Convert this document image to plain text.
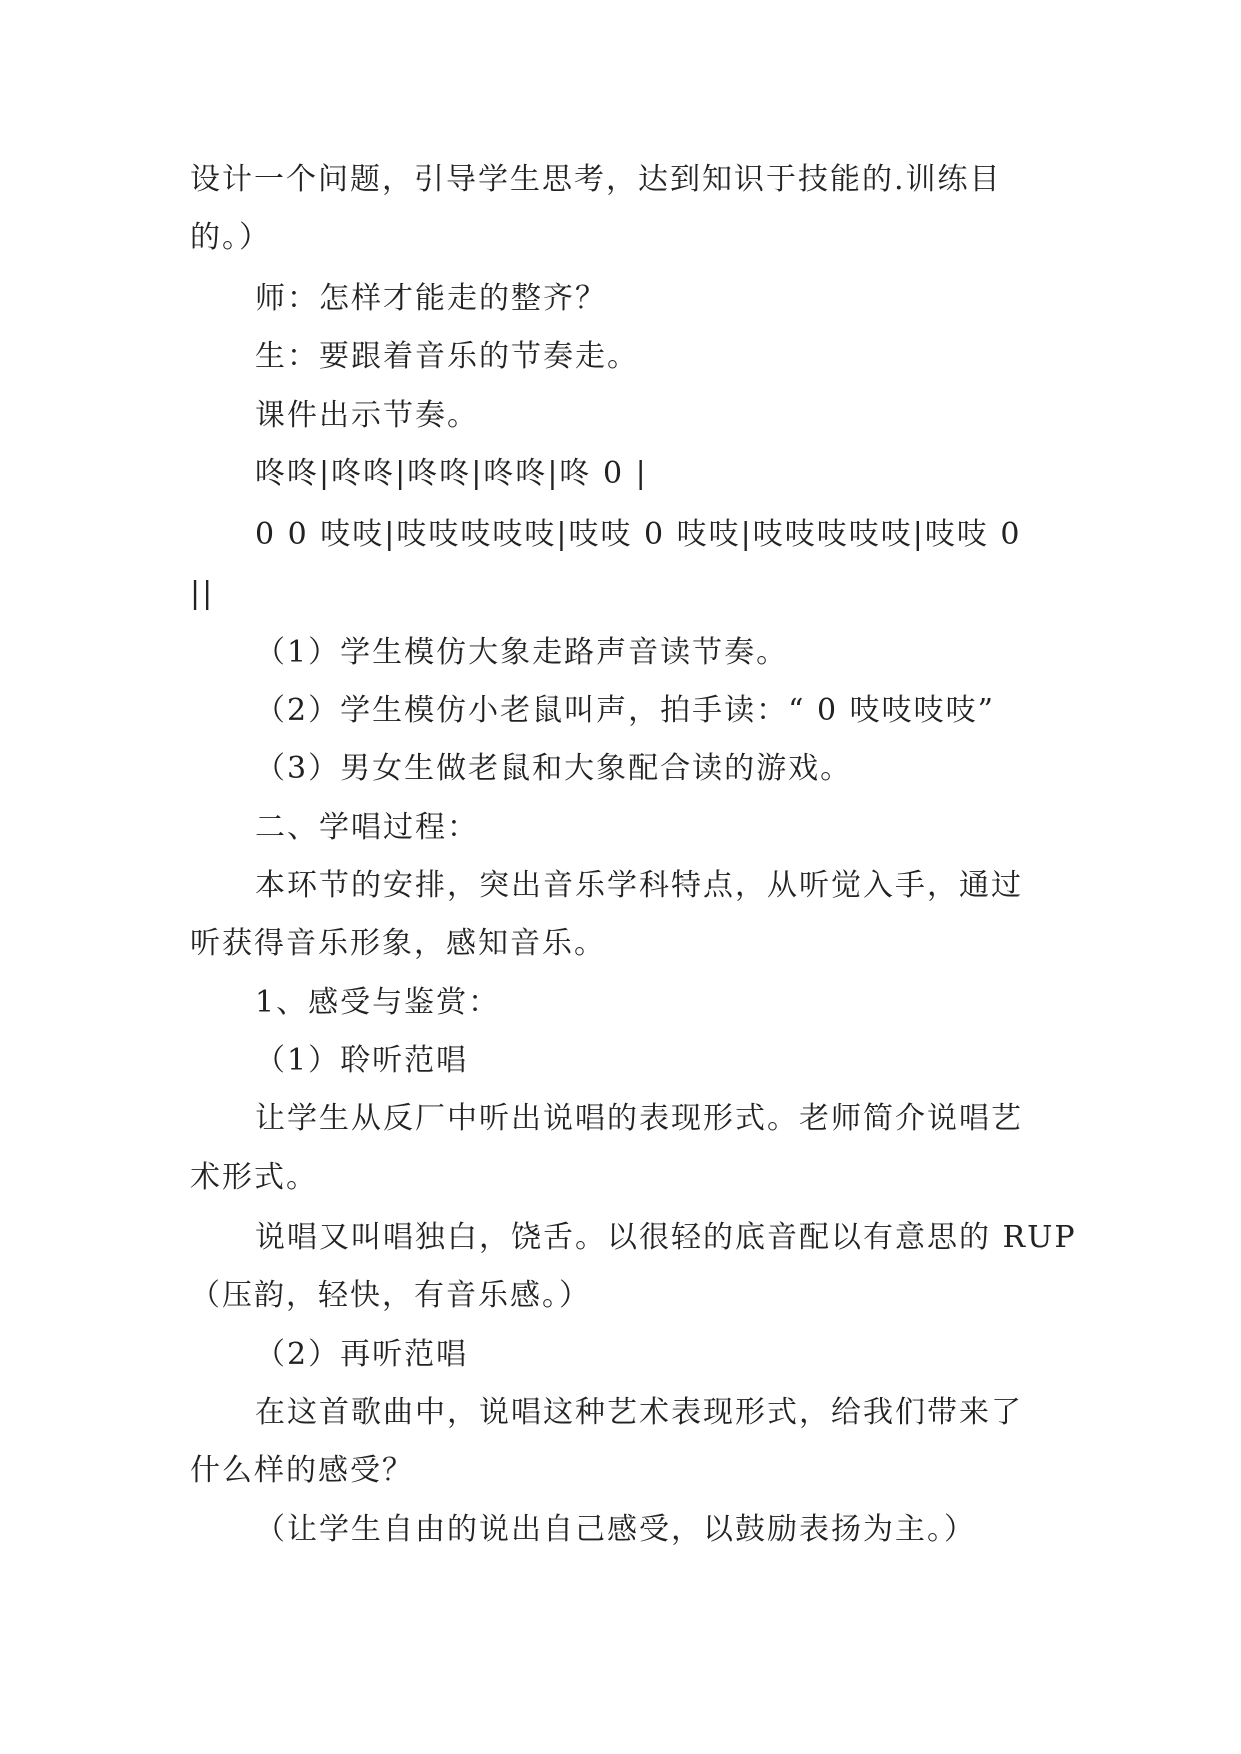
设计一个问题，引导学生思考，达到知识于技能的.训练目
的。）
师：怎样才能走的整齐？
生：要跟着音乐的节奏走。
课件出示节奏。
咚咚|咚咚|咚咚|咚咚|咚 0 |
0 0 吱吱|吱吱吱吱吱|吱吱 0 吱吱|吱吱吱吱吱|吱吱 0
||
（1）学生模仿大象走路声音读节奏。
（2）学生模仿小老鼠叫声，拍手读：“ 0 吱吱吱吱”
（3）男女生做老鼠和大象配合读的游戏。
二、学唱过程：
本环节的安排，突出音乐学科特点，从听觉入手，通过
听获得音乐形象，感知音乐。
1、感受与鉴赏：
（1）聆听范唱
让学生从反厂中听出说唱的表现形式。老师简介说唱艺
术形式。
说唱又叫唱独白，饶舌。以很轻的底音配以有意思的 RUP
（压韵，轻快，有音乐感。）
（2）再听范唱
在这首歌曲中，说唱这种艺术表现形式，给我们带来了
什么样的感受？
（让学生自由的说出自己感受，以鼓励表扬为主。）
